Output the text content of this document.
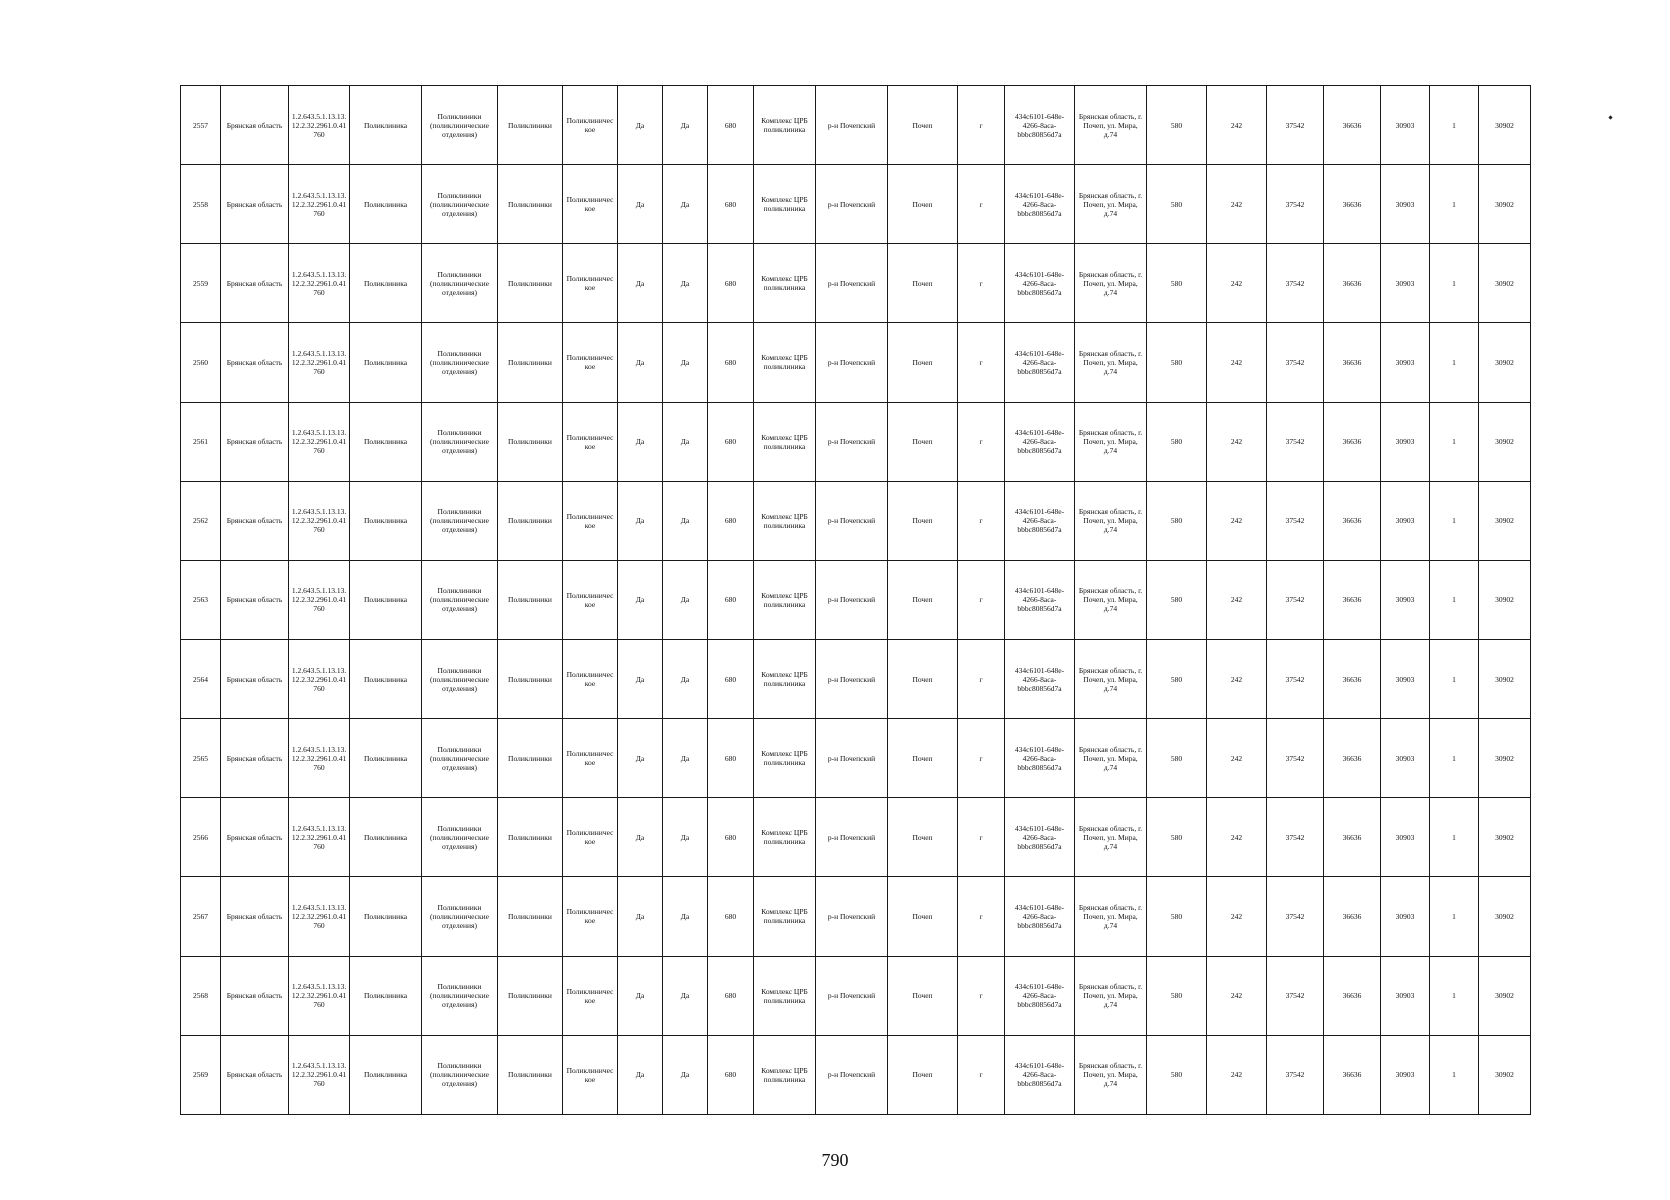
2557	Брянская область	1.2.643.5.1.13.13.12.2.32.2961.0.41760	Поликлиника	Поликлиники (поликлиническиe отделения)	Поликлиники	Поликлиническое	Да	Да	680	Комплекс ЦРБ поликлиника	р-н Почепский	Почеп	г	434c6101-648e-4266-8aca-bbbc80856d7a	Брянская область, г. Почеп, ул. Мира, д.74	580	242	37542	36636	30903	1	30902
2558	Брянская область	1.2.643.5.1.13.13.12.2.32.2961.0.41760	Поликлиника	Поликлиники (поликлиническиe отделения)	Поликлиники	Поликлиническое	Да	Да	680	Комплекс ЦРБ поликлиника	р-н Почепский	Почеп	г	434c6101-648e-4266-8aca-bbbc80856d7a	Брянская область, г. Почеп, ул. Мира, д.74	580	242	37542	36636	30903	1	30902
2559	Брянская область	1.2.643.5.1.13.13.12.2.32.2961.0.41760	Поликлиника	Поликлиники (поликлиническиe отделения)	Поликлиники	Поликлиническое	Да	Да	680	Комплекс ЦРБ поликлиника	р-н Почепский	Почеп	г	434c6101-648e-4266-8aca-bbbc80856d7a	Брянская область, г. Почеп, ул. Мира, д.74	580	242	37542	36636	30903	1	30902
2560	Брянская область	1.2.643.5.1.13.13.12.2.32.2961.0.41760	Поликлиника	Поликлиники (поликлиническиe отделения)	Поликлиники	Поликлиническое	Да	Да	680	Комплекс ЦРБ поликлиника	р-н Почепский	Почеп	г	434c6101-648e-4266-8aca-bbbc80856d7a	Брянская область, г. Почеп, ул. Мира, д.74	580	242	37542	36636	30903	1	30902
2561	Брянская область	1.2.643.5.1.13.13.12.2.32.2961.0.41760	Поликлиника	Поликлиники (поликлиническиe отделения)	Поликлиники	Поликлиническое	Да	Да	680	Комплекс ЦРБ поликлиника	р-н Почепский	Почеп	г	434c6101-648e-4266-8aca-bbbc80856d7a	Брянская область, г. Почеп, ул. Мира, д.74	580	242	37542	36636	30903	1	30902
2562	Брянская область	1.2.643.5.1.13.13.12.2.32.2961.0.41760	Поликлиника	Поликлиники (поликлиническиe отделения)	Поликлиники	Поликлиническое	Да	Да	680	Комплекс ЦРБ поликлиника	р-н Почепский	Почеп	г	434c6101-648e-4266-8aca-bbbc80856d7a	Брянская область, г. Почеп, ул. Мира, д.74	580	242	37542	36636	30903	1	30902
2563	Брянская область	1.2.643.5.1.13.13.12.2.32.2961.0.41760	Поликлиника	Поликлиники (поликлиническиe отделения)	Поликлиники	Поликлиническое	Да	Да	680	Комплекс ЦРБ поликлиника	р-н Почепский	Почеп	г	434c6101-648e-4266-8aca-bbbc80856d7a	Брянская область, г. Почеп, ул. Мира, д.74	580	242	37542	36636	30903	1	30902
2564	Брянская область	1.2.643.5.1.13.13.12.2.32.2961.0.41760	Поликлиника	Поликлиники (поликлиническиe отделения)	Поликлиники	Поликлиническое	Да	Да	680	Комплекс ЦРБ поликлиника	р-н Почепский	Почеп	г	434c6101-648e-4266-8aca-bbbc80856d7a	Брянская область, г. Почеп, ул. Мира, д.74	580	242	37542	36636	30903	1	30902
2565	Брянская область	1.2.643.5.1.13.13.12.2.32.2961.0.41760	Поликлиника	Поликлиники (поликлиническиe отделения)	Поликлиники	Поликлиническое	Да	Да	680	Комплекс ЦРБ поликлиника	р-н Почепский	Почеп	г	434c6101-648e-4266-8aca-bbbc80856d7a	Брянская область, г. Почеп, ул. Мира, д.74	580	242	37542	36636	30903	1	30902
2566	Брянская область	1.2.643.5.1.13.13.12.2.32.2961.0.41760	Поликлиника	Поликлиники (поликлиническиe отделения)	Поликлиники	Поликлиническое	Да	Да	680	Комплекс ЦРБ поликлиника	р-н Почепский	Почеп	г	434c6101-648e-4266-8aca-bbbc80856d7a	Брянская область, г. Почеп, ул. Мира, д.74	580	242	37542	36636	30903	1	30902
2567	Брянская область	1.2.643.5.1.13.13.12.2.32.2961.0.41760	Поликлиника	Поликлиники (поликлиническиe отделения)	Поликлиники	Поликлиническое	Да	Да	680	Комплекс ЦРБ поликлиника	р-н Почепский	Почеп	г	434c6101-648e-4266-8aca-bbbc80856d7a	Брянская область, г. Почеп, ул. Мира, д.74	580	242	37542	36636	30903	1	30902
2568	Брянская область	1.2.643.5.1.13.13.12.2.32.2961.0.41760	Поликлиника	Поликлиники (поликлиническиe отделения)	Поликлиники	Поликлиническое	Да	Да	680	Комплекс ЦРБ поликлиника	р-н Почепский	Почеп	г	434c6101-648e-4266-8aca-bbbc80856d7a	Брянская область, г. Почеп, ул. Мира, д.74	580	242	37542	36636	30903	1	30902
2569	Брянская область	1.2.643.5.1.13.13.12.2.32.2961.0.41760	Поликлиника	Поликлиники (поликлиническиe отделения)	Поликлиники	Поликлиническое	Да	Да	680	Комплекс ЦРБ поликлиника	р-н Почепский	Почеп	г	434c6101-648e-4266-8aca-bbbc80856d7a	Брянская область, г. Почеп, ул. Мира, д.74	580	242	37542	36636	30903	1	30902
790
